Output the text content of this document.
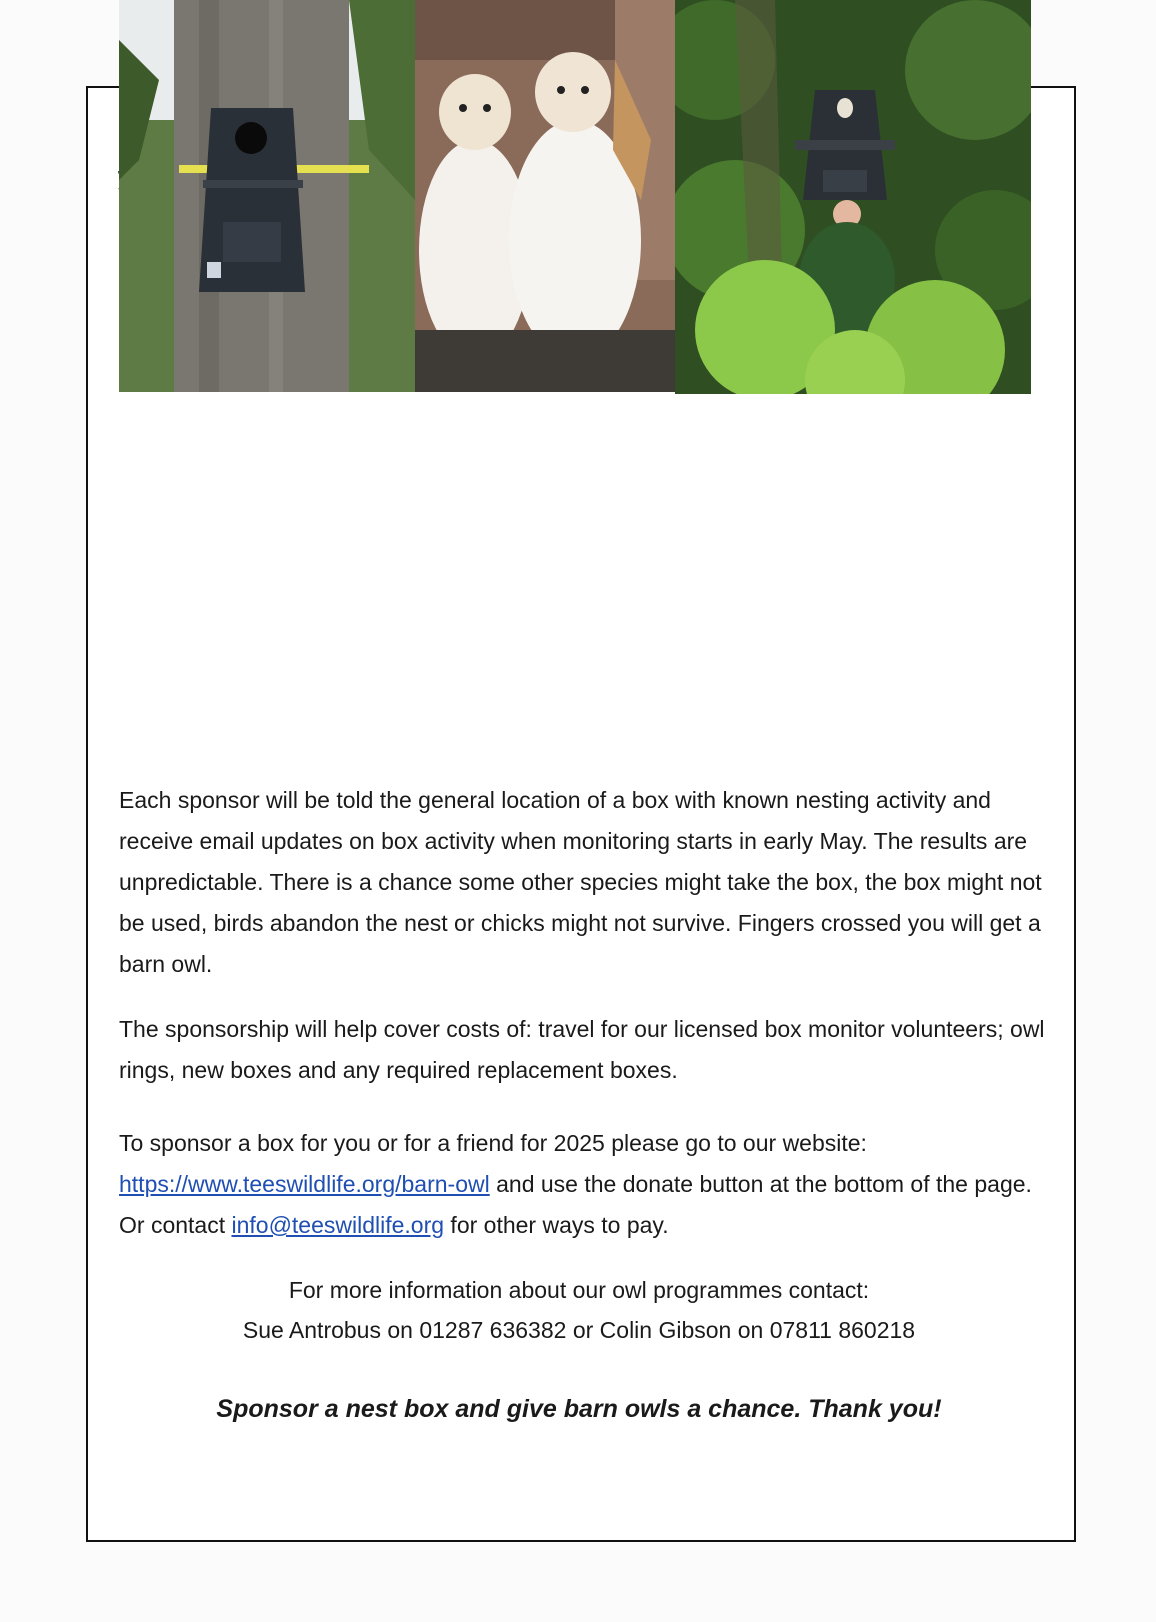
Each sponsor will be told the general location of a box with known nesting activity and receive email updates on box activity when monitoring starts in early May. The results are unpredictable. There is a chance some other species might take the box, the box might not be used, birds abandon the nest or chicks might not survive. Fingers crossed you will get a barn owl.
The sponsorship will help cover costs of: travel for our licensed box monitor volunteers; owl rings, new boxes and any required replacement boxes.
To sponsor a box for you or for a friend for 2025 please go to our website:
https://www.teeswildlife.org/barn-owl and use the donate button at the bottom of the page. Or contact info@teeswildlife.org for other ways to pay.
For more information about our owl programmes contact:
Sue Antrobus on 01287 636382 or Colin Gibson on 07811 860218
Sponsor a nest box and give barn owls a chance. Thank you!
